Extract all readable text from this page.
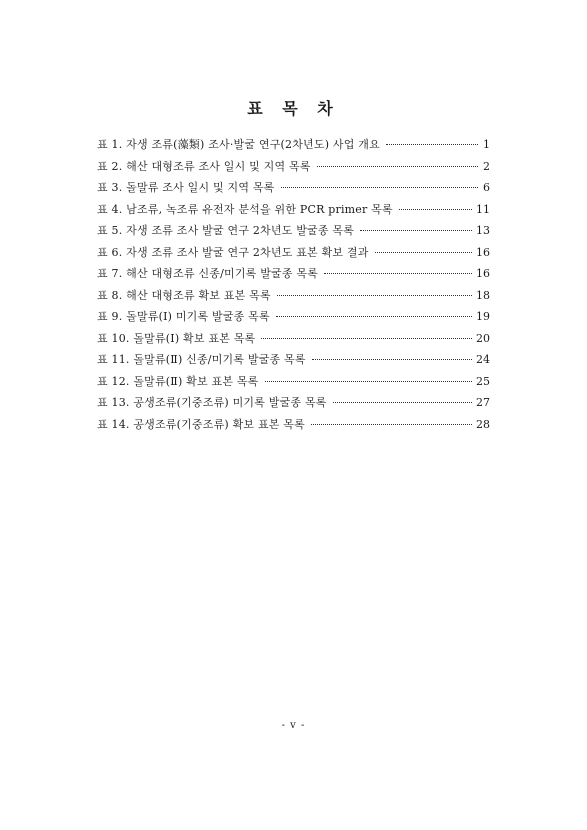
표 목 차
표 1. 자생 조류(藻類) 조사·발굴 연구(2차년도) 사업 개요	1
표 2. 해산 대형조류 조사 일시 및 지역 목록	2
표 3. 돌말류 조사 일시 및 지역 목록	6
표 4. 남조류, 녹조류 유전자 분석을 위한 PCR primer 목록	11
표 5. 자생 조류 조사 발굴 연구 2차년도 발굴종 목록	13
표 6. 자생 조류 조사 발굴 연구 2차년도 표본 확보 결과	16
표 7. 해산 대형조류 신종/미기록 발굴종 목록	16
표 8. 해산 대형조류 확보 표본 목록	18
표 9. 돌말류(Ⅰ) 미기록 발굴종 목록	19
표 10. 돌말류(Ⅰ) 확보 표본 목록	20
표 11. 돌말류(Ⅱ) 신종/미기록 발굴종 목록	24
표 12. 돌말류(Ⅱ) 확보 표본 목록	25
표 13. 공생조류(기중조류) 미기록 발굴종 목록	27
표 14. 공생조류(기중조류) 확보 표본 목록	28
- v -
